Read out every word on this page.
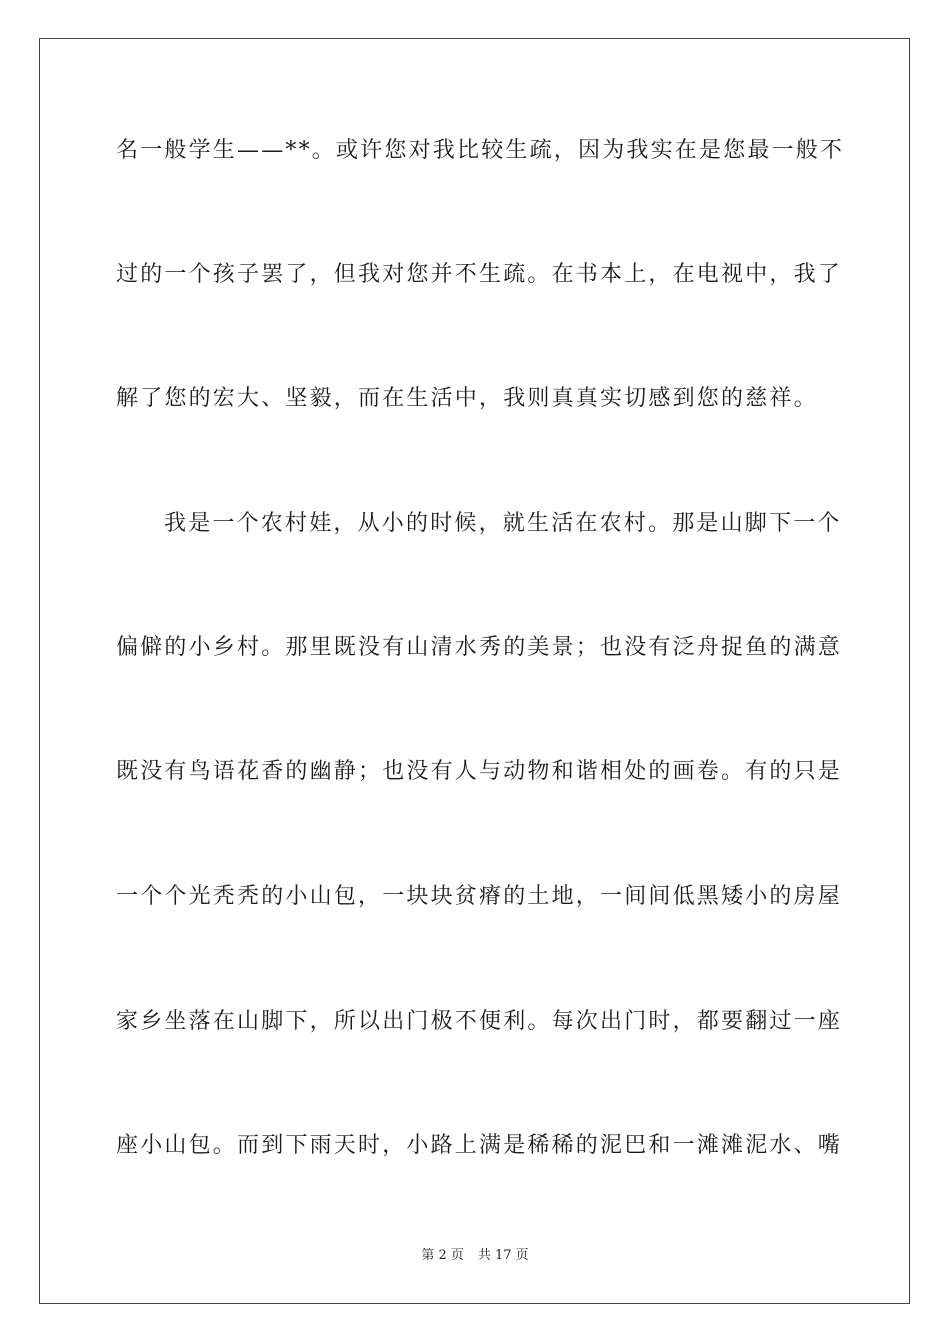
名一般学生——**。或许您对我比较生疏，因为我实在是您最一般不
过的一个孩子罢了，但我对您并不生疏。在书本上，在电视中，我了
解了您的宏大、坚毅，而在生活中，我则真真实切感到您的慈祥。
我是一个农村娃，从小的时候，就生活在农村。那是山脚下一个
偏僻的小乡村。那里既没有山清水秀的美景；也没有泛舟捉鱼的满意
既没有鸟语花香的幽静；也没有人与动物和谐相处的画卷。有的只是
一个个光秃秃的小山包，一块块贫瘠的土地，一间间低黑矮小的房屋
家乡坐落在山脚下，所以出门极不便利。每次出门时，都要翻过一座
座小山包。而到下雨天时，小路上满是稀稀的泥巴和一滩滩泥水、嘴
第 2 页 共 17 页
